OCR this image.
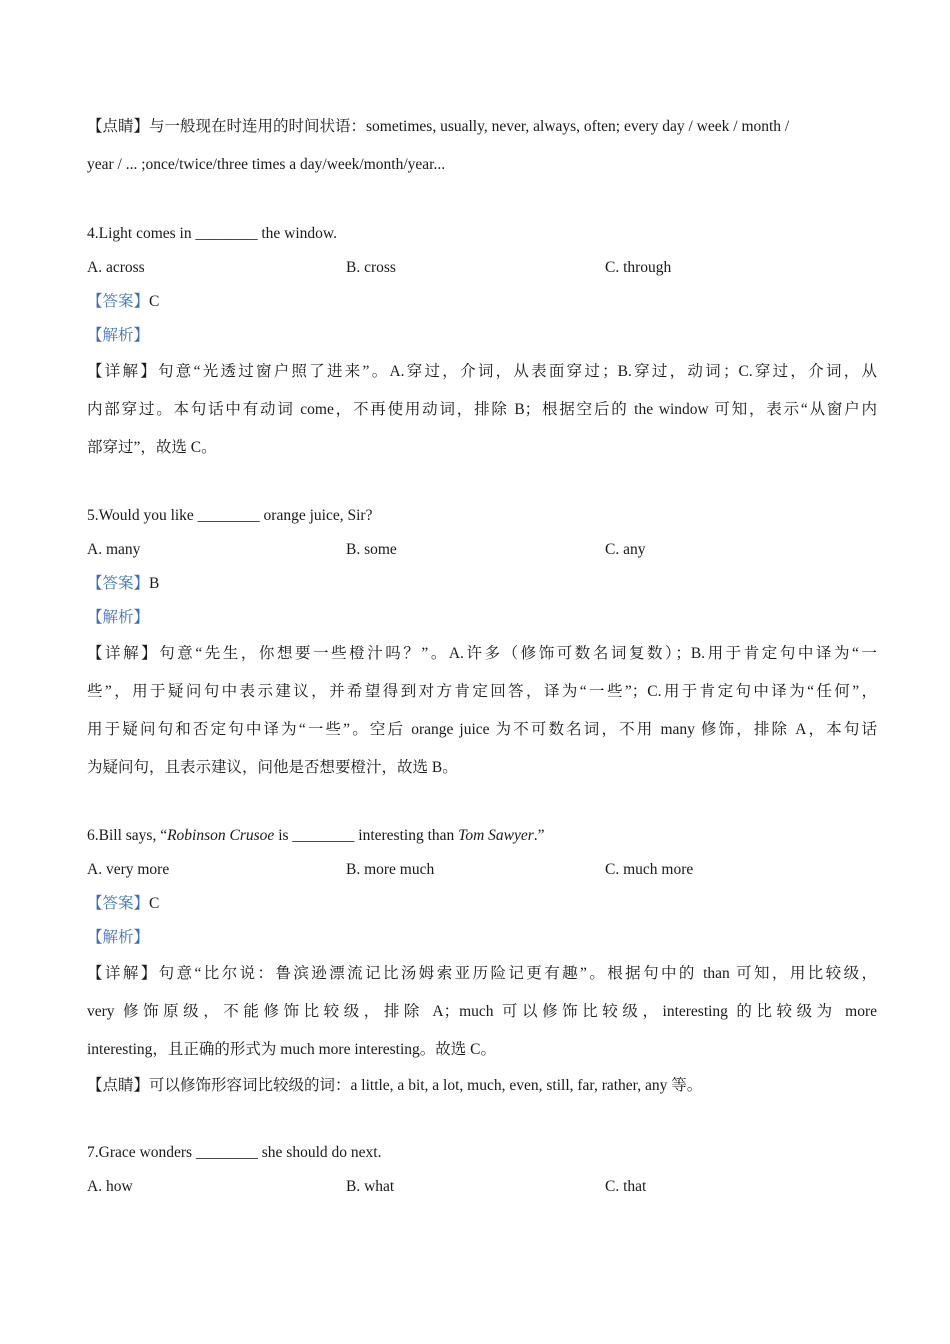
【点睛】与一般现在时连用的时间状语：sometimes, usually, never, always, often; every day / week / month /
year / ... ;once/twice/three times a day/week/month/year...
4.Light comes in ________ the window.
A. across	B. cross	C. through
【答案】C
【解析】
【详解】句意“光透过窗户照了进来”。A.穿过，介词，从表面穿过；B.穿过，动词；C.穿过，介词，从
内部穿过。本句话中有动词 come，不再使用动词，排除 B；根据空后的 the window 可知，表示“从窗户内
部穿过”，故选 C。
5.Would you like ________ orange juice, Sir?
A. many	B. some	C. any
【答案】B
【解析】
【详解】句意“先生，你想要一些橙汁吗？”。A.许多（修饰可数名词复数）；B.用于肯定句中译为“一
些”，用于疑问句中表示建议，并希望得到对方肯定回答，译为“一些”；C.用于肯定句中译为“任何”，
用于疑问句和否定句中译为“一些”。空后 orange juice 为不可数名词，不用 many 修饰，排除 A，本句话
为疑问句，且表示建议，问他是否想要橙汁，故选 B。
6.Bill says, “Robinson Crusoe is ________ interesting than Tom Sawyer.”
A. very more	B. more much	C. much more
【答案】C
【解析】
【详解】句意“比尔说：鲁滨逊漂流记比汤姆索亚历险记更有趣”。根据句中的 than 可知，用比较级，
very 修饰原级，不能修饰比较级，排除 A；much 可以修饰比较级，interesting 的比较级为 more
interesting，且正确的形式为 much more interesting。故选 C。
【点睛】可以修饰形容词比较级的词：a little, a bit, a lot, much, even, still, far, rather, any 等。
7.Grace wonders ________ she should do next.
A. how	B. what	C. that
